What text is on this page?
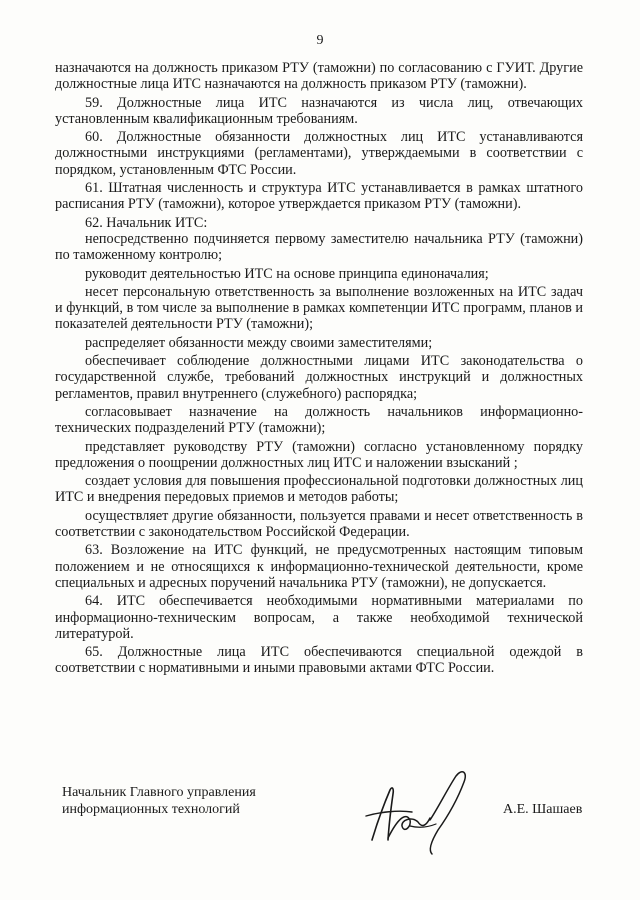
9

назначаются на должность приказом РТУ (таможни) по согласованию с ГУИТ. Другие должностные лица ИТС назначаются на должность приказом РТУ (таможни).

59. Должностные лица ИТС назначаются из числа лиц, отвечающих установленным квалификационным требованиям.

60. Должностные обязанности должностных лиц ИТС устанавливаются должностными инструкциями (регламентами), утверждаемыми в соответствии с порядком, установленным ФТС России.

61. Штатная численность и структура ИТС устанавливается в рамках штатного расписания РТУ (таможни), которое утверждается приказом РТУ (таможни).

62. Начальник ИТС:

непосредственно подчиняется первому заместителю начальника РТУ (таможни) по таможенному контролю;

руководит деятельностью ИТС на основе принципа единоначалия;

несет персональную ответственность за выполнение возложенных на ИТС задач и функций, в том числе за выполнение в рамках компетенции ИТС программ, планов и показателей деятельности РТУ (таможни);

распределяет обязанности между своими заместителями;

обеспечивает соблюдение должностными лицами ИТС законодательства о государственной службе, требований должностных инструкций и должностных регламентов, правил внутреннего (служебного) распорядка;

согласовывает назначение на должность начальников информационно-технических подразделений РТУ (таможни);

представляет руководству РТУ (таможни) согласно установленному порядку предложения о поощрении должностных лиц ИТС и наложении взысканий ;

создает условия для повышения профессиональной подготовки должностных лиц ИТС и внедрения передовых приемов и методов работы;

осуществляет другие обязанности, пользуется правами и несет ответственность в соответствии с законодательством Российской Федерации.

63. Возложение на ИТС функций, не предусмотренных настоящим типовым положением и не относящихся к информационно-технической деятельности, кроме специальных и адресных поручений начальника РТУ (таможни), не допускается.

64. ИТС обеспечивается необходимыми нормативными материалами по информационно-техническим вопросам, а также необходимой технической литературой.

65. Должностные лица ИТС обеспечиваются специальной одеждой в соответствии с нормативными и иными правовыми актами ФТС России.

Начальник Главного управления
информационных технологий	А.Е. Шашаев
